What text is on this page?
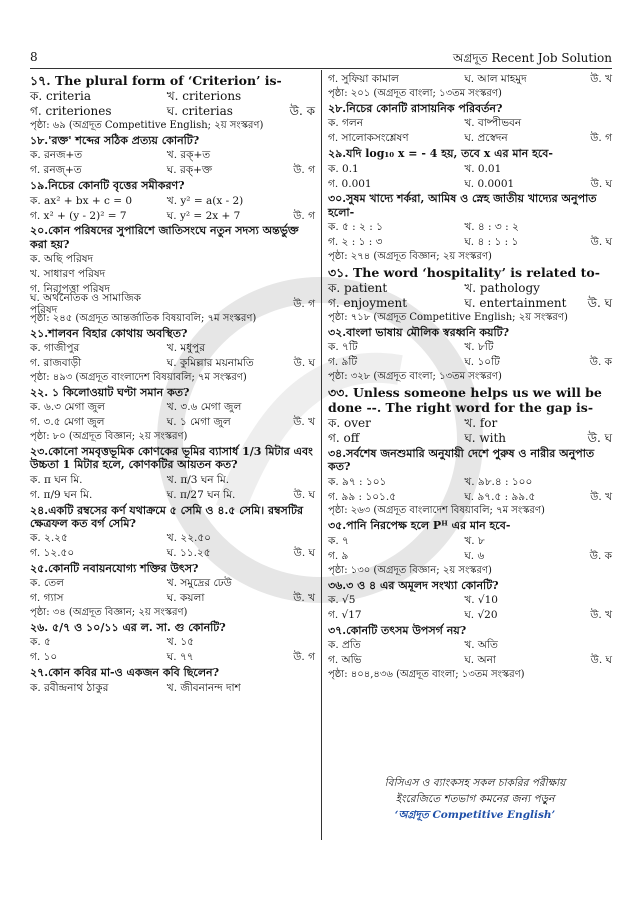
8	অগ্রদূত Recent Job Solution
১৭. The plural form of ‘Criterion’ is-
ক. criteria	খ. criterions
গ. criteriones	ঘ. criterias	উ. ক
পৃষ্ঠা: ৬৯ (অগ্রদূত Competitive English; ২য় সংস্করণ)
১৮.'রক্ত' শব্দের সঠিক প্রত্যয় কোনটি?
ক. রনজ+ত	খ. রক্+ত
গ. রনজ্+ত	ঘ. রক্+ক্ত	উ. গ
১৯.নিচের কোনটি বৃত্তের সমীকরণ?
ক. ax² + bx + c = 0	খ. y² = a(x - 2)
গ. x² + (y - 2)² = 7	ঘ. y² = 2x + 7	উ. গ
২০.কোন পরিষদের সুপারিশে জাতিসংঘে নতুন সদস্য অন্তর্ভুক্ত করা হয়?
ক. অছি পরিষদ
খ. সাধারণ পরিষদ
গ. নিরাপত্তা পরিষদ
ঘ. অর্থনৈতিক ও সামাজিক পরিষদ
উ. গ
পৃষ্ঠা: ২৪৫ (অগ্রদূত আন্তর্জাতিক বিষয়াবলি; ৭ম সংস্করণ)
২১.শালবন বিহার কোথায় অবস্থিত?
ক. গাজীপুর	খ. মধুপুর
গ. রাজবাড়ী	ঘ. কুমিল্লার ময়নামতি	উ. ঘ
পৃষ্ঠা: ৪৯৩ (অগ্রদূত বাংলাদেশ বিষয়াবলি; ৭ম সংস্করণ)
২২. ১ কিলোওয়াট ঘণ্টা সমান কত?
ক. ৬.৩ মেগা জুল	খ. ৩.৬ মেগা জুল
গ. ৩.৫ মেগা জুল	ঘ. ১ মেগা জুল	উ. খ
পৃষ্ঠা: ৮০ (অগ্রদূত বিজ্ঞান; ২য় সংস্করণ)
২৩.কোনো সমবৃত্তভূমিক কোণকের ভূমির ব্যাসার্ধ 1/3 মিটার এবং উচ্চতা 1 মিটার হলে, কোণকটির আয়তন কত?
ক. π ঘন মি.	খ. π/3 ঘন মি.
গ. π/9 ঘন মি.	ঘ. π/27 ঘন মি.	উ. ঘ
২৪.একটি রম্বসের কর্ণ যথাক্রমে ৫ সেমি ও ৪.৫ সেমি। রম্বসটির ক্ষেত্রফল কত বর্গ সেমি?
ক. ২.২৫	খ. ২২.৫০
গ. ১২.৫০	ঘ. ১১.২৫	উ. ঘ
২৫.কোনটি নবায়নযোগ্য শক্তির উৎস?
ক. তেল	খ. সমুদ্রের ঢেউ
গ. গ্যাস	ঘ. কয়লা	উ. খ
পৃষ্ঠা: ৩৪ (অগ্রদূত বিজ্ঞান; ২য় সংস্করণ)
২৬. ৫/৭ ও ১০/১১ এর ল. সা. গু কোনটি?
ক. ৫	খ. ১৫
গ. ১০	ঘ. ৭৭	উ. গ
২৭.কোন কবির মা-ও একজন কবি ছিলেন?
ক. রবীন্দ্রনাথ ঠাকুর	খ. জীবনানন্দ দাশ
গ. সুফিয়া কামাল	ঘ. আল মাহমুদ	উ. খ
পৃষ্ঠা: ২০১ (অগ্রদূত বাংলা; ১৩তম সংস্করণ)
২৮.নিচের কোনটি রাসায়নিক পরিবর্তন?
ক. গলন	খ. বাষ্পীভবন
গ. সালোকসংশ্লেষণ	ঘ. প্রস্বেদন	উ. গ
২৯.যদি log₁₀ x = - 4 হয়, তবে x এর মান হবে-
ক. 0.1	খ. 0.01
গ. 0.001	ঘ. 0.0001	উ. ঘ
৩০.সুষম খাদ্যে শর্করা, আমিষ ও স্নেহ জাতীয় খাদ্যের অনুপাত হলো-
ক. ৫ : ২ : ১	খ. ৪ : ৩ : ২
গ. ২ : ১ : ৩	ঘ. ৪ : ১ : ১	উ. ঘ
পৃষ্ঠা: ২৭৪ (অগ্রদূত বিজ্ঞান; ২য় সংস্করণ)
৩১. The word ‘hospitality’ is related to-
ক. patient	খ. pathology
গ. enjoyment	ঘ. entertainment	উ. ঘ
পৃষ্ঠা: ৭১৮ (অগ্রদূত Competitive English; ২য় সংস্করণ)
৩২.বাংলা ভাষায় মৌলিক স্বরধ্বনি কয়টি?
ক. ৭টি	খ. ৮টি
গ. ৯টি	ঘ. ১০টি	উ. ক
পৃষ্ঠা: ৩২৮ (অগ্রদূত বাংলা; ১৩তম সংস্করণ)
৩৩. Unless someone helps us we will be done --. The right word for the gap is-
ক. over	খ. for
গ. off	ঘ. with	উ. ঘ
৩৪.সর্বশেষ জনশুমারি অনুযায়ী দেশে পুরুষ ও নারীর অনুপাত কত?
ক. ৯৭ : ১০১	খ. ৯৮.৪ : ১০০
গ. ৯৯ : ১০১.৫	ঘ. ৯৭.৫ : ৯৯.৫	উ. খ
পৃষ্ঠা: ২৬৩ (অগ্রদূত বাংলাদেশ বিষয়াবলি; ৭ম সংস্করণ)
৩৫.পানি নিরপেক্ষ হলে Pᴴ এর মান হবে-
ক. ৭	খ. ৮
গ. ৯	ঘ. ৬	উ. ক
পৃষ্ঠা: ১৩০ (অগ্রদূত বিজ্ঞান; ২য় সংস্করণ)
৩৬.৩ ও ৪ এর অমূলদ সংখ্যা কোনটি?
ক. √5	খ. √10
গ. √17	ঘ. √20	উ. খ
৩৭.কোনটি তৎসম উপসর্গ নয়?
ক. প্রতি	খ. অতি
গ. অভি	ঘ. অনা	উ. ঘ
পৃষ্ঠা: ৪০৪,৪৩৬ (অগ্রদূত বাংলা; ১৩তম সংস্করণ)
বিসিএস ও ব্যাংকসহ সকল চাকরির পরীক্ষায়
ইংরেজিতে শতভাগ কমনের জন্য পড়ুন
‘অগ্রদূত Competitive English’
